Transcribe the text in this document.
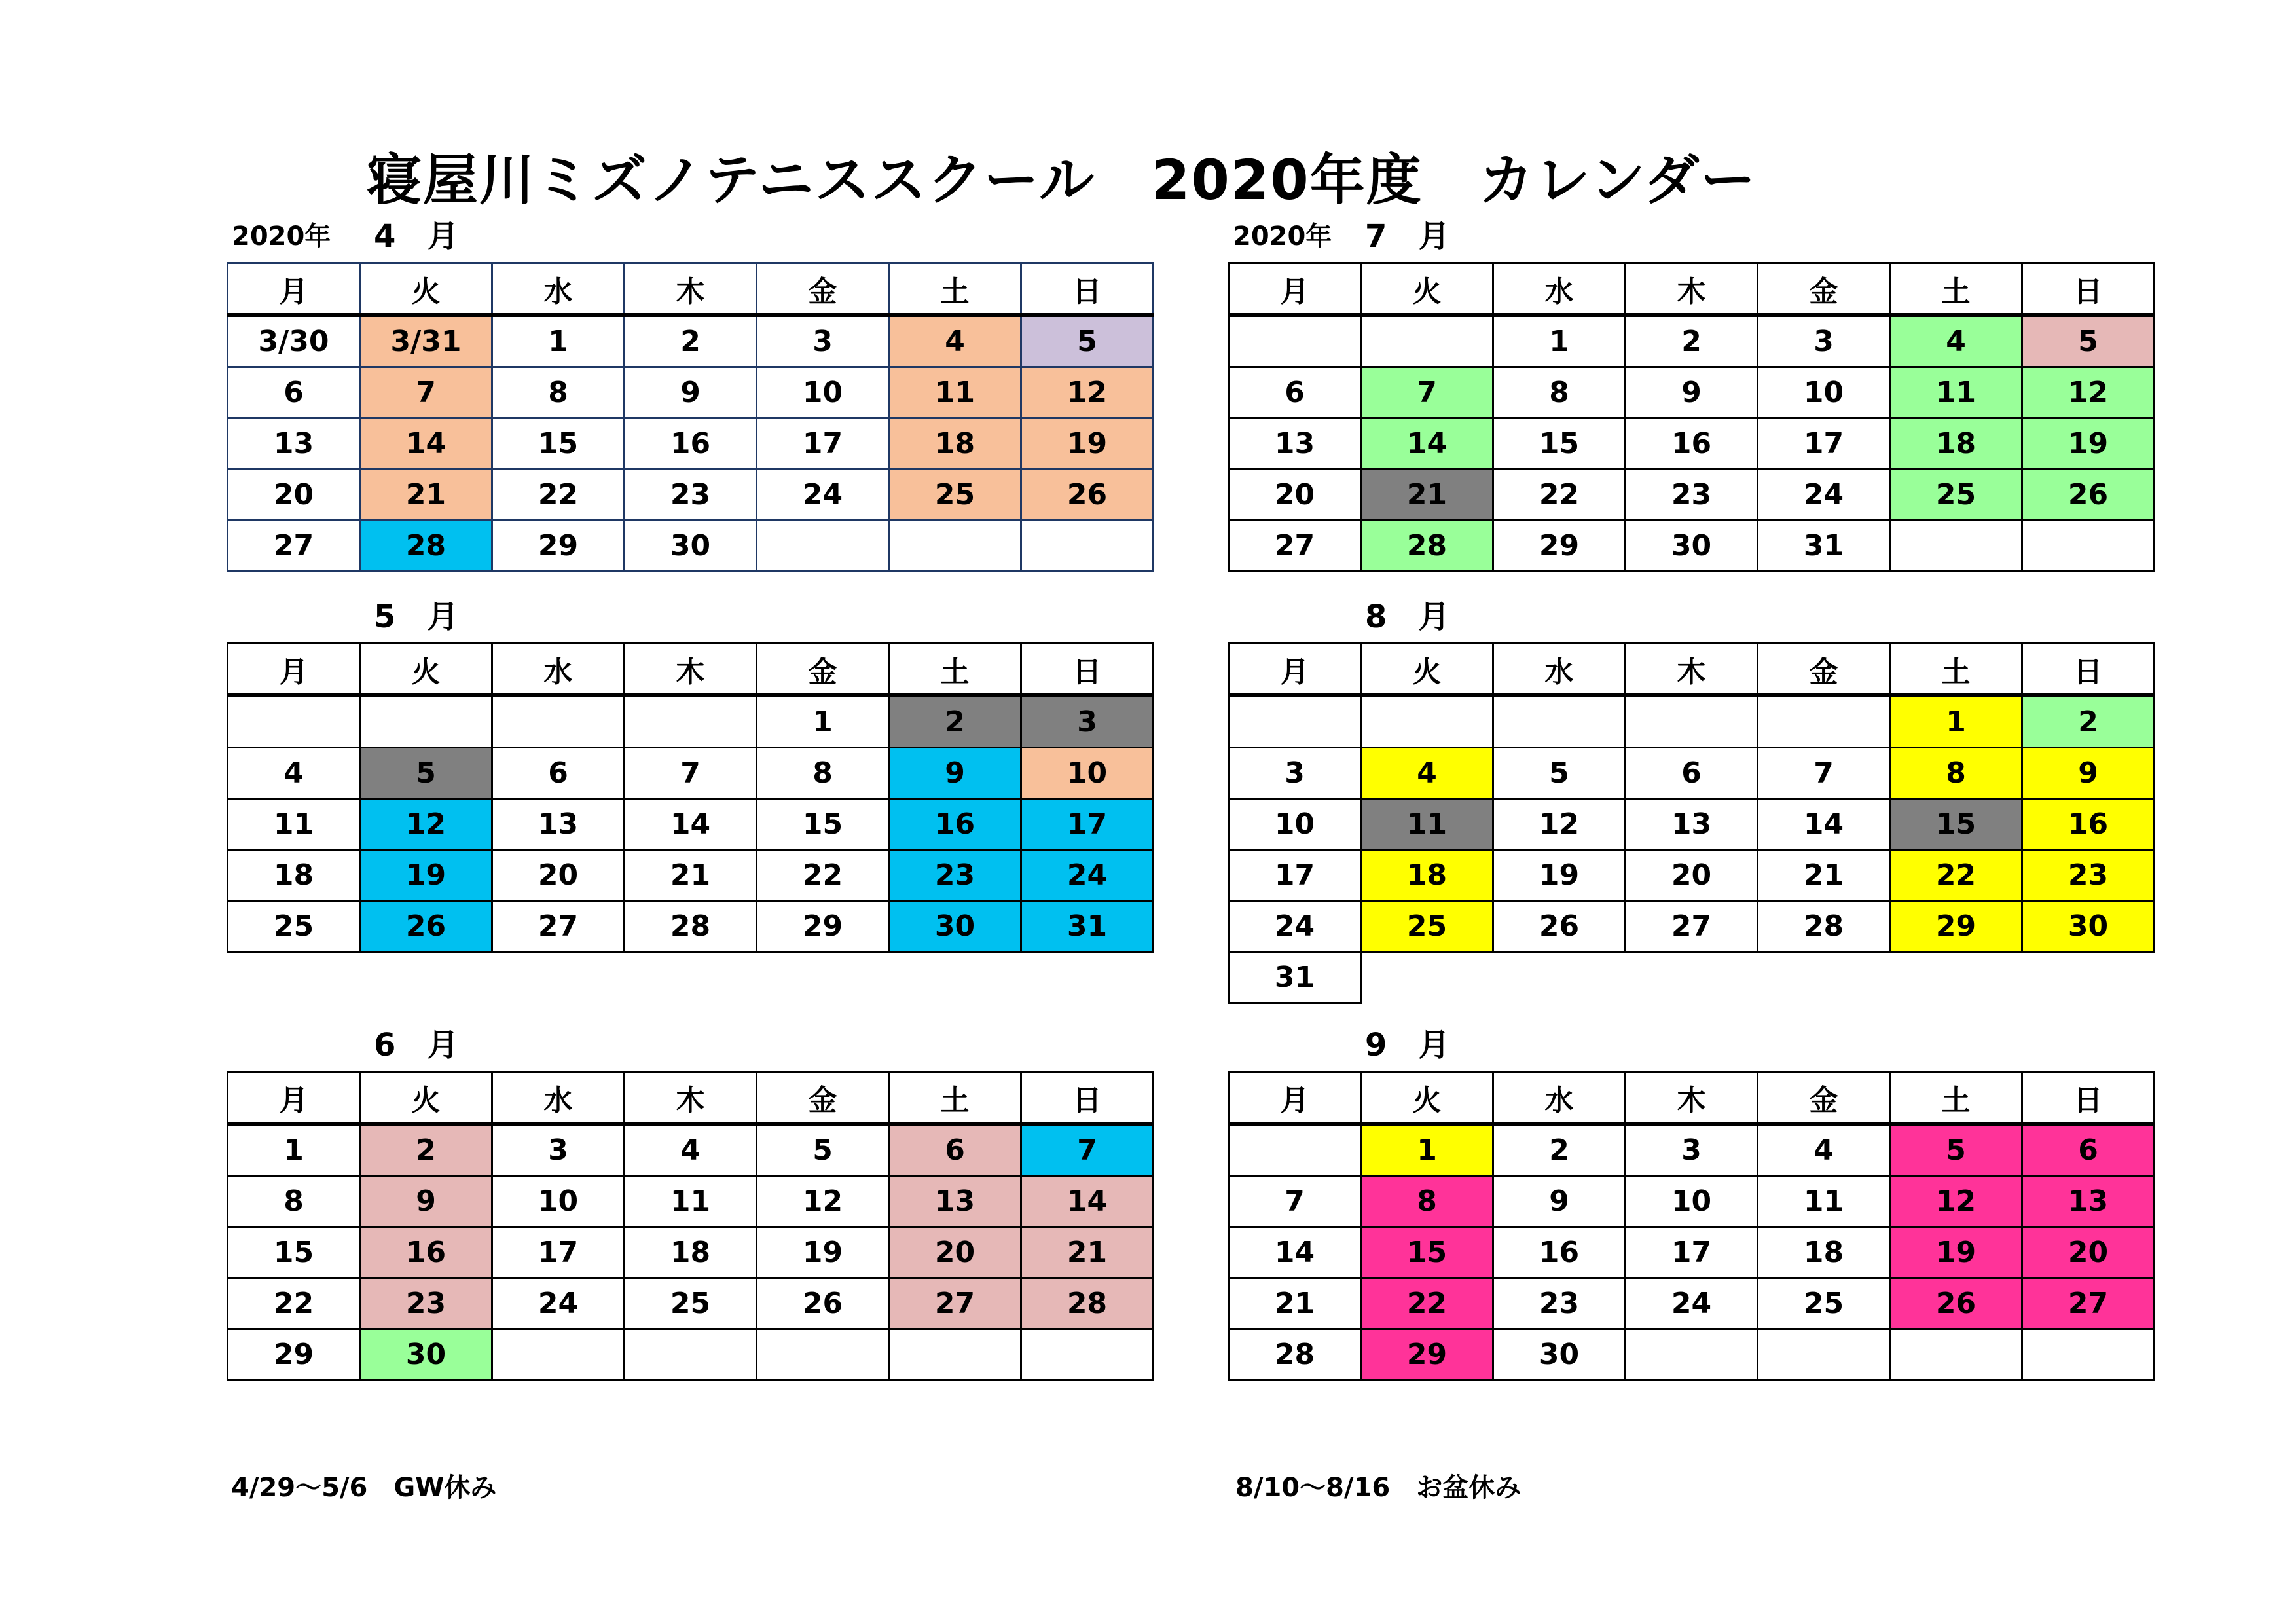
寝屋川ミズノテニススクール　2020年度　カレンダー
2020年 4　月
月	火	水	木	金	土	日
3/30	3/31	1	2	3	4	5
6	7	8	9	10	11	12
13	14	15	16	17	18	19
20	21	22	23	24	25	26
27	28	29	30			
5　月
月	火	水	木	金	土	日
				1	2	3
4	5	6	7	8	9	10
11	12	13	14	15	16	17
18	19	20	21	22	23	24
25	26	27	28	29	30	31
6　月
月	火	水	木	金	土	日
1	2	3	4	5	6	7
8	9	10	11	12	13	14
15	16	17	18	19	20	21
22	23	24	25	26	27	28
29	30					
2020年 7　月
月	火	水	木	金	土	日
		1	2	3	4	5
6	7	8	9	10	11	12
13	14	15	16	17	18	19
20	21	22	23	24	25	26
27	28	29	30	31		
8　月
月	火	水	木	金	土	日
					1	2
3	4	5	6	7	8	9
10	11	12	13	14	15	16
17	18	19	20	21	22	23
24	25	26	27	28	29	30
31						
9　月
月	火	水	木	金	土	日
	1	2	3	4	5	6
7	8	9	10	11	12	13
14	15	16	17	18	19	20
21	22	23	24	25	26	27
28	29	30				
4/29～5/6　GW休み	8/10～8/16　お盆休み
